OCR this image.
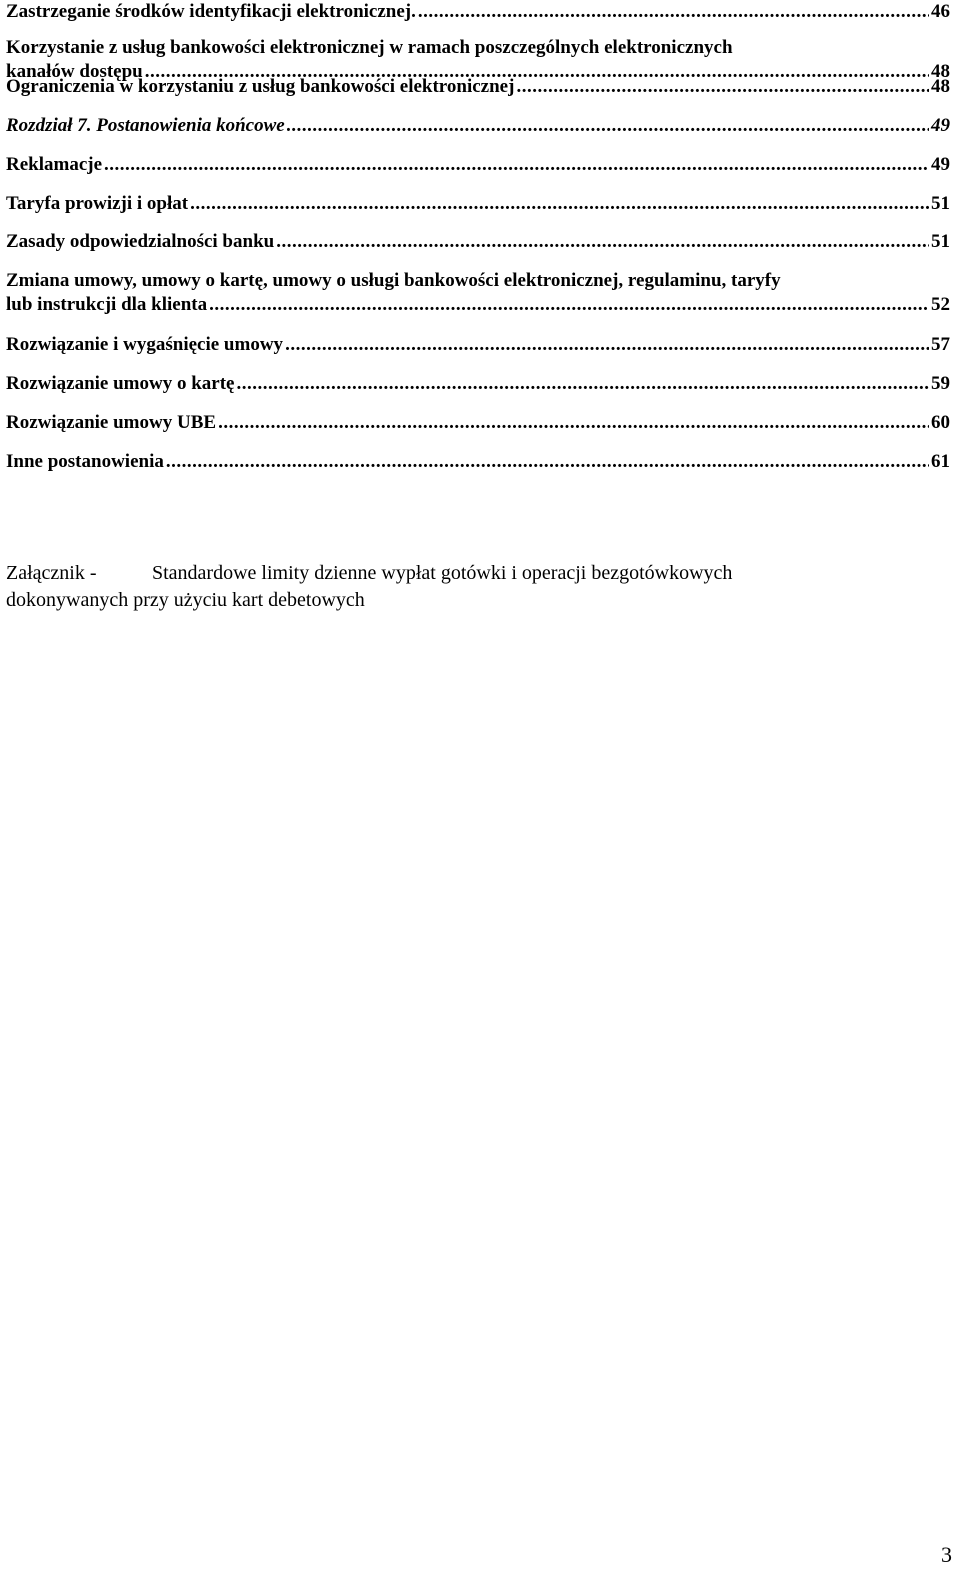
Zastrzeganie środków identyfikacji elektronicznej. .....	46
Korzystanie z usług bankowości elektronicznej w ramach poszczególnych elektronicznych
kanałów dostępu .....	48
Ograniczenia w korzystaniu z usług bankowości elektronicznej .....	48
Rozdział 7. Postanowienia końcowe .....	49
Reklamacje .....	49
Taryfa prowizji i opłat .....	51
Zasady odpowiedzialności banku .....	51
Zmiana umowy, umowy o kartę, umowy o usługi bankowości elektronicznej, regulaminu, taryfy
lub instrukcji dla klienta .....	52
Rozwiązanie i wygaśnięcie umowy .....	57
Rozwiązanie umowy o kartę .....	59
Rozwiązanie umowy UBE .....	60
Inne postanowienia .....	61
Załącznik -	Standardowe limity dzienne wypłat gotówki i operacji bezgotówkowych
dokonywanych przy użyciu kart debetowych
3
